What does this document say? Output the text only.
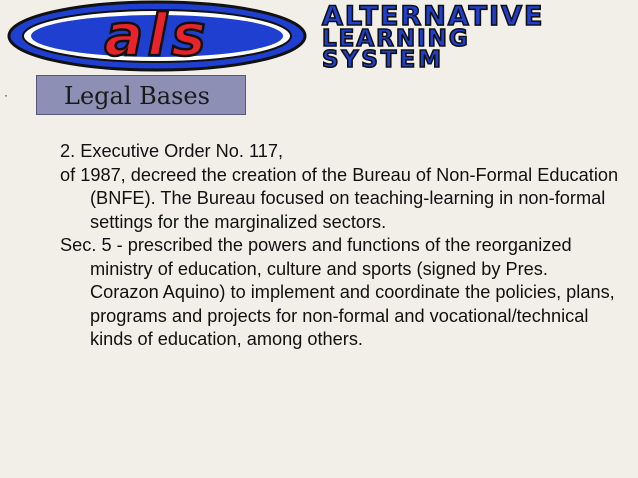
als	ALTERNATIVE
LEARNING
SYSTEM
·	Legal Bases

2. Executive Order No. 117,

of 1987, decreed the creation of the Bureau of Non-Formal Education (BNFE). The Bureau focused on teaching-learning in non-formal settings for the marginalized sectors.

Sec. 5 - prescribed the powers and functions of the reorganized ministry of education, culture and sports (signed by Pres. Corazon Aquino) to implement and coordinate the policies, plans, programs and projects for non-formal and vocational/technical kinds of education, among others.
